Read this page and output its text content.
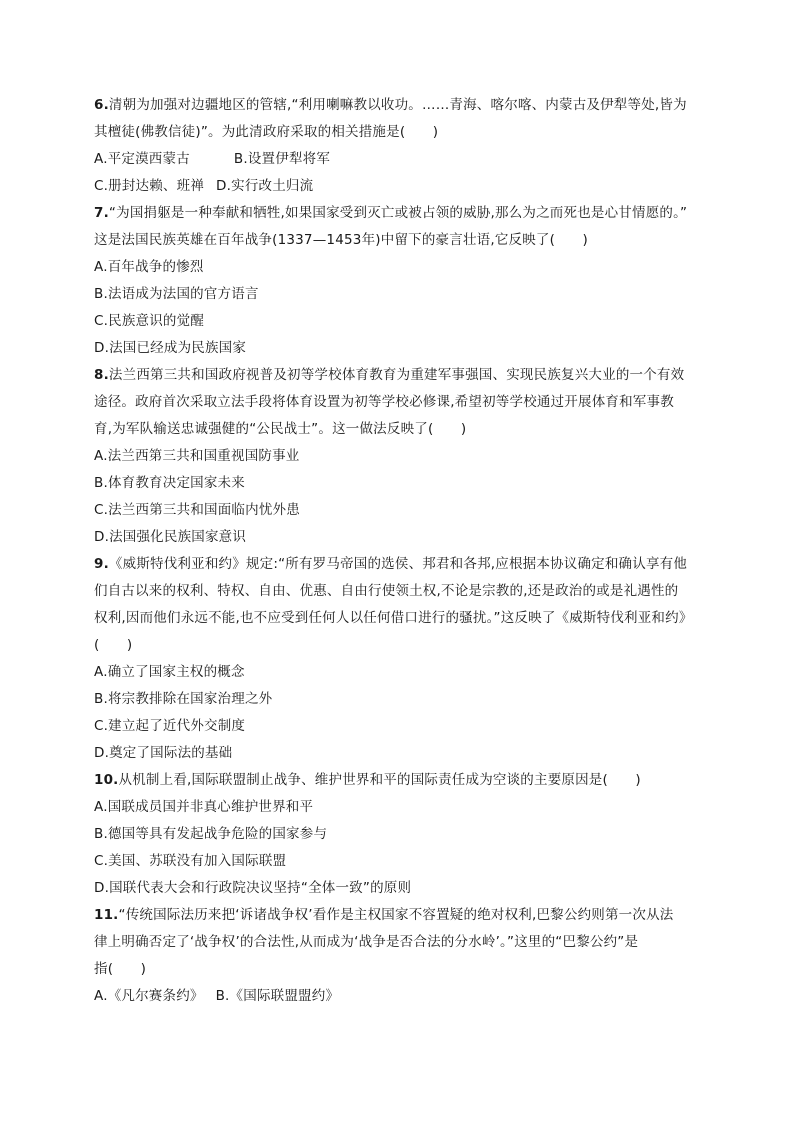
6.清朝为加强对边疆地区的管辖,“利用喇嘛教以收功。……青海、喀尔喀、内蒙古及伊犁等处,皆为
其檀徒(佛教信徒)”。为此清政府采取的相关措施是(　　)
A.平定漠西蒙古	B.设置伊犁将军
C.册封达赖、班禅 D.实行改土归流
7.“为国捐躯是一种奉献和牺牲,如果国家受到灭亡或被占领的威胁,那么为之而死也是心甘情愿的。”
这是法国民族英雄在百年战争(1337—1453年)中留下的豪言壮语,它反映了(　　)
A.百年战争的惨烈
B.法语成为法国的官方语言
C.民族意识的觉醒
D.法国已经成为民族国家
8.法兰西第三共和国政府视普及初等学校体育教育为重建军事强国、实现民族复兴大业的一个有效
途径。政府首次采取立法手段将体育设置为初等学校必修课,希望初等学校通过开展体育和军事教
育,为军队输送忠诚强健的“公民战士”。这一做法反映了(　　)
A.法兰西第三共和国重视国防事业
B.体育教育决定国家未来
C.法兰西第三共和国面临内忧外患
D.法国强化民族国家意识
9.《威斯特伐利亚和约》规定:“所有罗马帝国的选侯、邦君和各邦,应根据本协议确定和确认享有他
们自古以来的权利、特权、自由、优惠、自由行使领土权,不论是宗教的,还是政治的或是礼遇性的
权利,因而他们永远不能,也不应受到任何人以任何借口进行的骚扰。”这反映了《威斯特伐利亚和约》
(　　)
A.确立了国家主权的概念
B.将宗教排除在国家治理之外
C.建立起了近代外交制度
D.奠定了国际法的基础
10.从机制上看,国际联盟制止战争、维护世界和平的国际责任成为空谈的主要原因是(　　)
A.国联成员国并非真心维护世界和平
B.德国等具有发起战争危险的国家参与
C.美国、苏联没有加入国际联盟
D.国联代表大会和行政院决议坚持“全体一致”的原则
11.“传统国际法历来把‘诉诸战争权’看作是主权国家不容置疑的绝对权利,巴黎公约则第一次从法
律上明确否定了‘战争权’的合法性,从而成为‘战争是否合法的分水岭’。”这里的“巴黎公约”是
指(　　)
A.《凡尔赛条约》 B.《国际联盟盟约》
